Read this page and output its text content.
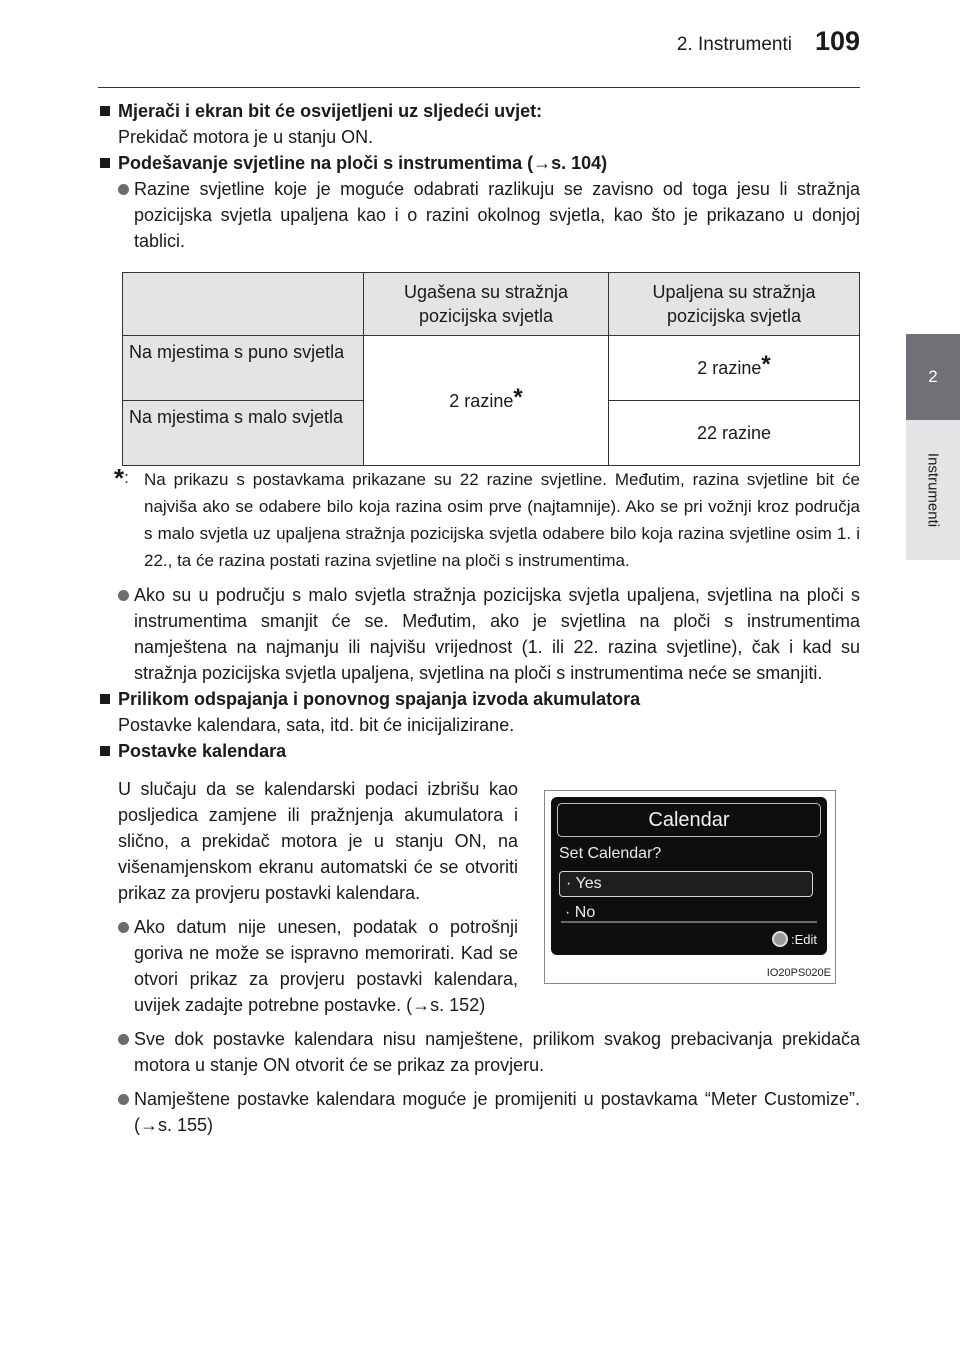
2. Instrumenti 109
2
Instrumenti

Mjerači i ekran bit će osvijetljeni uz sljedeći uvjet:

Prekidač motora je u stanju ON.

Podešavanje svjetline na ploči s instrumentima (→s. 104)

Razine svjetline koje je moguće odabrati razlikuju se zavisno od toga jesu li stražnja pozicijska svjetla upaljena kao i o razini okolnog svjetla, kao što je prikazano u donjoj tablici.

	Ugašena su stražnja pozicijska svjetla	Upaljena su stražnja pozicijska svjetla
Na mjestima s puno svjetla	2 razine*	2 razine*
Na mjestima s malo svjetla		22 razine

*: Na prikazu s postavkama prikazane su 22 razine svjetline. Međutim, razina svjetline bit će najviša ako se odabere bilo koja razina osim prve (najtamnije). Ako se pri vožnji kroz područja s malo svjetla uz upaljena stražnja pozicijska svjetla odabere bilo koja razina svjetline osim 1. i 22., ta će razina postati razina svjetline na ploči s instrumentima.

Ako su u području s malo svjetla stražnja pozicijska svjetla upaljena, svjetlina na ploči s instrumentima smanjit će se. Međutim, ako je svjetlina na ploči s instrumentima namještena na najmanju ili najvišu vrijednost (1. ili 22. razina svjetline), čak i kad su stražnja pozicijska svjetla upaljena, svjetlina na ploči s instrumentima neće se smanjiti.

Prilikom odspajanja i ponovnog spajanja izvoda akumulatora

Postavke kalendara, sata, itd. bit će inicijalizirane.

Postavke kalendara

U slučaju da se kalendarski podaci izbrišu kao posljedica zamjene ili pražnjenja akumulatora i slično, a prekidač motora je u stanju ON, na višenamjenskom ekranu automatski će se otvoriti prikaz za provjeru postavki kalendara.

Ako datum nije unesen, podatak o potrošnji goriva ne može se ispravno memorirati. Kad se otvori prikaz za provjeru postavki kalendara, uvijek zadajte potrebne postavke. (→s. 152)

Calendar
Set Calendar?
· Yes
· No
:Edit
IO20PS020E

Sve dok postavke kalendara nisu namještene, prilikom svakog prebacivanja prekidača motora u stanje ON otvorit će se prikaz za provjeru.

Namještene postavke kalendara moguće je promijeniti u postavkama “Meter Customize”. (→s. 155)
